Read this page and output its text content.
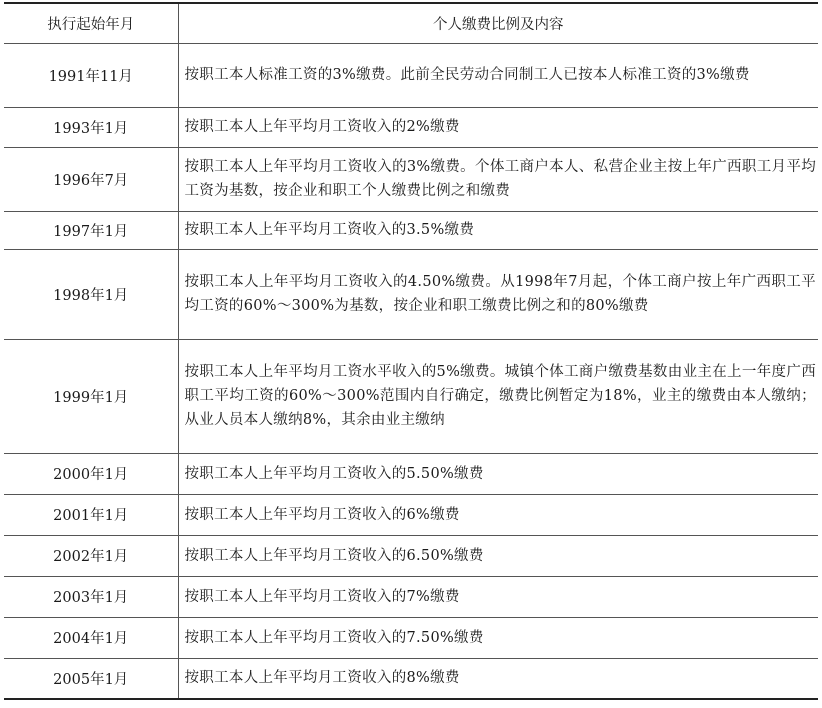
执行起始年月	个人缴费比例及内容
1991年11月	按职工本人标准工资的3%缴费。此前全民劳动合同制工人已按本人标准工资的3%缴费
1993年1月	按职工本人上年平均月工资收入的2%缴费
1996年7月	按职工本人上年平均月工资收入的3%缴费。个体工商户本人、私营企业主按上年广西职工月平均工资为基数，按企业和职工个人缴费比例之和缴费
1997年1月	按职工本人上年平均月工资收入的3.5%缴费
1998年1月	按职工本人上年平均月工资收入的4.50%缴费。从1998年7月起，个体工商户按上年广西职工平均工资的60%～300%为基数，按企业和职工缴费比例之和的80%缴费
1999年1月	按职工本人上年平均月工资水平收入的5%缴费。城镇个体工商户缴费基数由业主在上一年度广西职工平均工资的60%～300%范围内自行确定，缴费比例暂定为18%，业主的缴费由本人缴纳；从业人员本人缴纳8%，其余由业主缴纳
2000年1月	按职工本人上年平均月工资收入的5.50%缴费
2001年1月	按职工本人上年平均月工资收入的6%缴费
2002年1月	按职工本人上年平均月工资收入的6.50%缴费
2003年1月	按职工本人上年平均月工资收入的7%缴费
2004年1月	按职工本人上年平均月工资收入的7.50%缴费
2005年1月	按职工本人上年平均月工资收入的8%缴费
